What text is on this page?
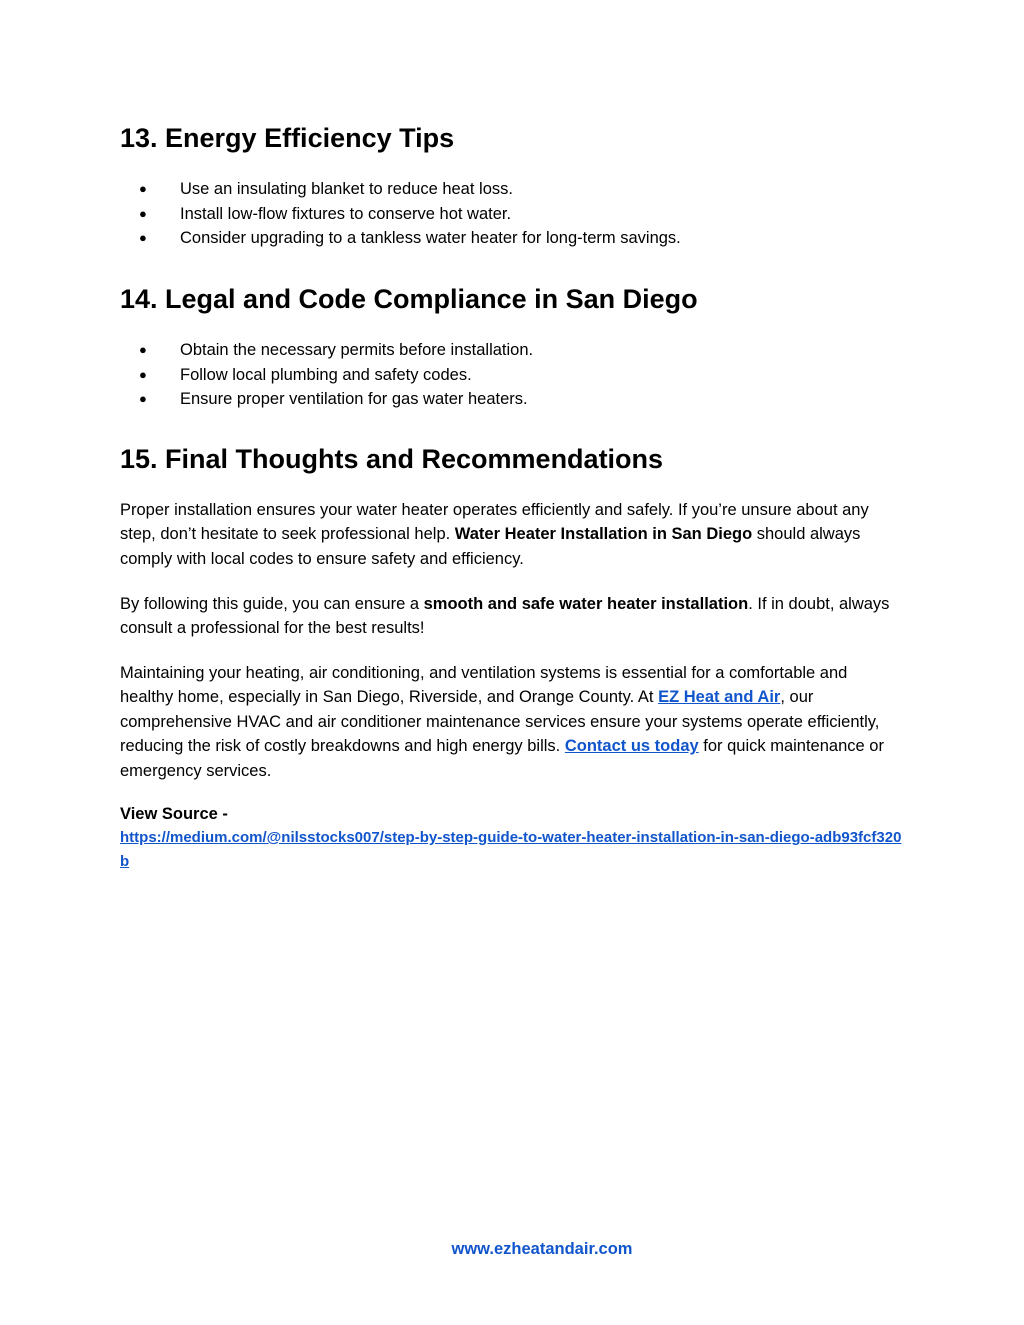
13. Energy Efficiency Tips
● Use an insulating blanket to reduce heat loss.
● Install low-flow fixtures to conserve hot water.
● Consider upgrading to a tankless water heater for long-term savings.
14. Legal and Code Compliance in San Diego
● Obtain the necessary permits before installation.
● Follow local plumbing and safety codes.
● Ensure proper ventilation for gas water heaters.
15. Final Thoughts and Recommendations

Proper installation ensures your water heater operates efficiently and safely. If you’re unsure about any step, don’t hesitate to seek professional help. Water Heater Installation in San Diego should always comply with local codes to ensure safety and efficiency.

By following this guide, you can ensure a smooth and safe water heater installation. If in doubt, always consult a professional for the best results!

Maintaining your heating, air conditioning, and ventilation systems is essential for a comfortable and healthy home, especially in San Diego, Riverside, and Orange County. At EZ Heat and Air, our comprehensive HVAC and air conditioner maintenance services ensure your systems operate efficiently, reducing the risk of costly breakdowns and high energy bills. Contact us today for quick maintenance or emergency services.

View Source -
https://medium.com/@nilsstocks007/step-by-step-guide-to-water-heater-installation-in-san-diego-adb93fcf320b
www.ezheatandair.com
